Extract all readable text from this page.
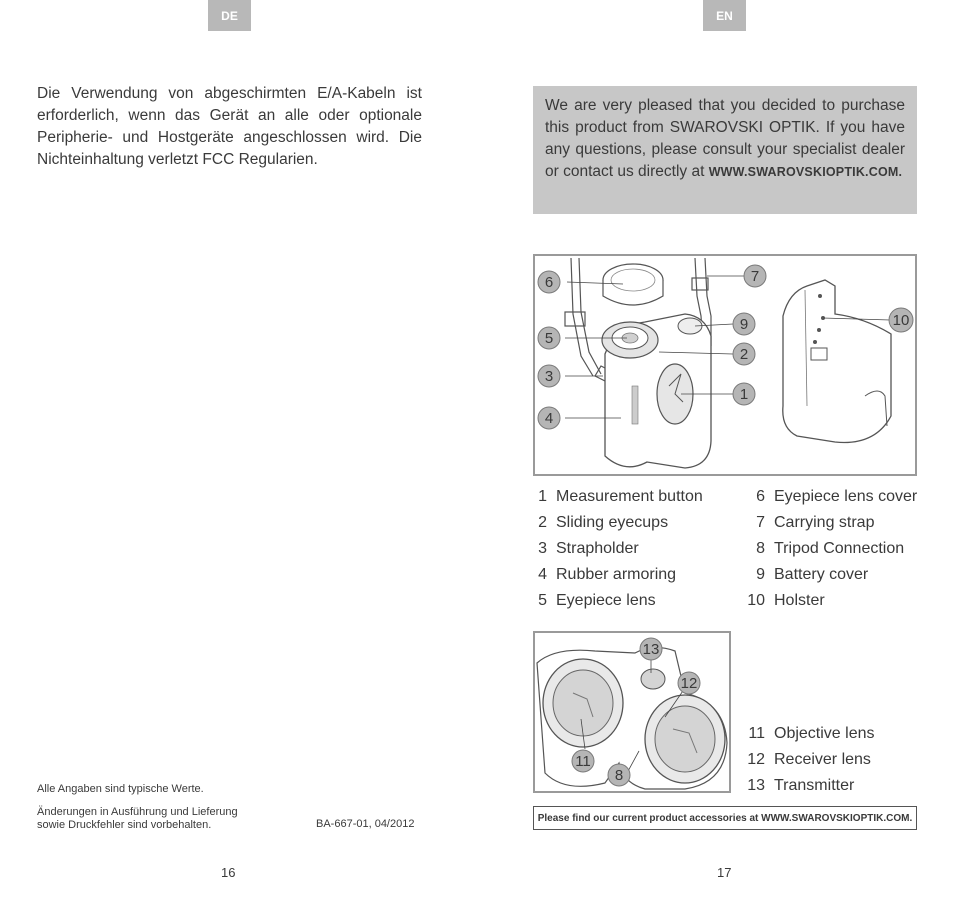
DE
Die Verwendung von abgeschirmten E/A-Kabeln ist erforderlich, wenn das Gerät an alle oder optionale Peripherie- und Hostgeräte angeschlossen wird. Die Nichteinhaltung verletzt FCC Regularien.
Alle Angaben sind typische Werte.
Änderungen in Ausführung und Lieferung
sowie Druckfehler sind vorbehalten.	BA-667-01, 04/2012
16
EN
We are very pleased that you decided to purchase this product from SWAROVSKI OPTIK. If you have any questions, please consult your specialist dealer or contact us directly at WWW.SWAROVSKIOPTIK.COM.
6	7
5
9	10
2
3
1
4
1 Measurement button
2 Sliding eyecups
3 Strapholder
4 Rubber armoring
5 Eyepiece lens
6 Eyepiece lens cover
7 Carrying strap
8 Tripod Connection
9 Battery cover
10 Holster
13
12
11
8
11 Objective lens
12 Receiver lens
13 Transmitter
Please find our current product accessories at WWW.SWAROVSKIOPTIK.COM.
17
